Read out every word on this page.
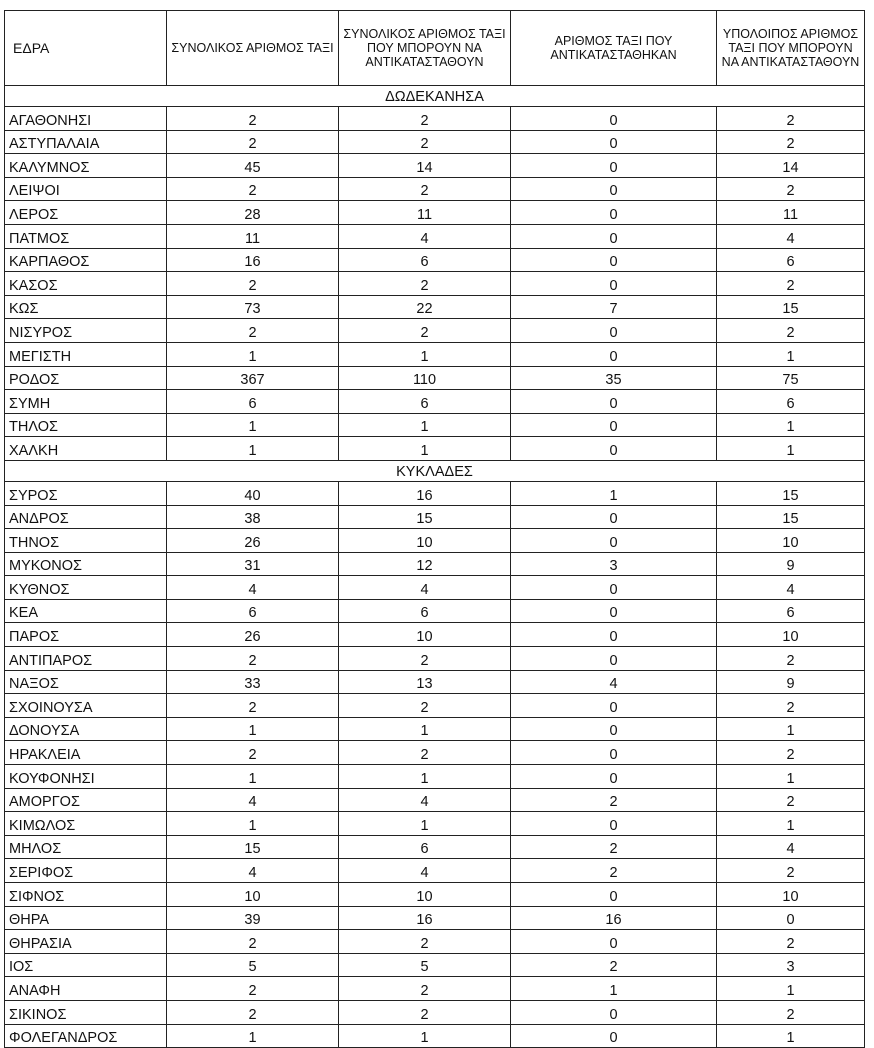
ΕΔΡΑ	ΣΥΝΟΛΙΚΟΣ ΑΡΙΘΜΟΣ ΤΑΞΙ	ΣΥΝΟΛΙΚΟΣ ΑΡΙΘΜΟΣ ΤΑΞΙ ΠΟΥ ΜΠΟΡΟΥΝ ΝΑ ΑΝΤΙΚΑΤΑΣΤΑΘΟΥΝ	ΑΡΙΘΜΟΣ ΤΑΞΙ ΠΟΥ ΑΝΤΙΚΑΤΑΣΤΑΘΗΚΑΝ	ΥΠΟΛΟΙΠΟΣ ΑΡΙΘΜΟΣ ΤΑΞΙ ΠΟΥ ΜΠΟΡΟΥΝ ΝΑ ΑΝΤΙΚΑΤΑΣΤΑΘΟΥΝ
ΔΩΔΕΚΑΝΗΣΑ				
ΑΓΑΘΟΝΗΣΙ	2	2	0	2
ΑΣΤΥΠΑΛΑΙΑ	2	2	0	2
ΚΑΛΥΜΝΟΣ	45	14	0	14
ΛΕΙΨΟΙ	2	2	0	2
ΛΕΡΟΣ	28	11	0	11
ΠΑΤΜΟΣ	11	4	0	4
ΚΑΡΠΑΘΟΣ	16	6	0	6
ΚΑΣΟΣ	2	2	0	2
ΚΩΣ	73	22	7	15
ΝΙΣΥΡΟΣ	2	2	0	2
ΜΕΓΙΣΤΗ	1	1	0	1
ΡΟΔΟΣ	367	110	35	75
ΣΥΜΗ	6	6	0	6
ΤΗΛΟΣ	1	1	0	1
ΧΑΛΚΗ	1	1	0	1
ΚΥΚΛΑΔΕΣ				
ΣΥΡΟΣ	40	16	1	15
ΑΝΔΡΟΣ	38	15	0	15
ΤΗΝΟΣ	26	10	0	10
ΜΥΚΟΝΟΣ	31	12	3	9
ΚΥΘΝΟΣ	4	4	0	4
ΚΕΑ	6	6	0	6
ΠΑΡΟΣ	26	10	0	10
ΑΝΤΙΠΑΡΟΣ	2	2	0	2
ΝΑΞΟΣ	33	13	4	9
ΣΧΟΙΝΟΥΣΑ	2	2	0	2
ΔΟΝΟΥΣΑ	1	1	0	1
ΗΡΑΚΛΕΙΑ	2	2	0	2
ΚΟΥΦΟΝΗΣΙ	1	1	0	1
ΑΜΟΡΓΟΣ	4	4	2	2
ΚΙΜΩΛΟΣ	1	1	0	1
ΜΗΛΟΣ	15	6	2	4
ΣΕΡΙΦΟΣ	4	4	2	2
ΣΙΦΝΟΣ	10	10	0	10
ΘΗΡΑ	39	16	16	0
ΘΗΡΑΣΙΑ	2	2	0	2
ΙΟΣ	5	5	2	3
ΑΝΑΦΗ	2	2	1	1
ΣΙΚΙΝΟΣ	2	2	0	2
ΦΟΛΕΓΑΝΔΡΟΣ	1	1	0	1
